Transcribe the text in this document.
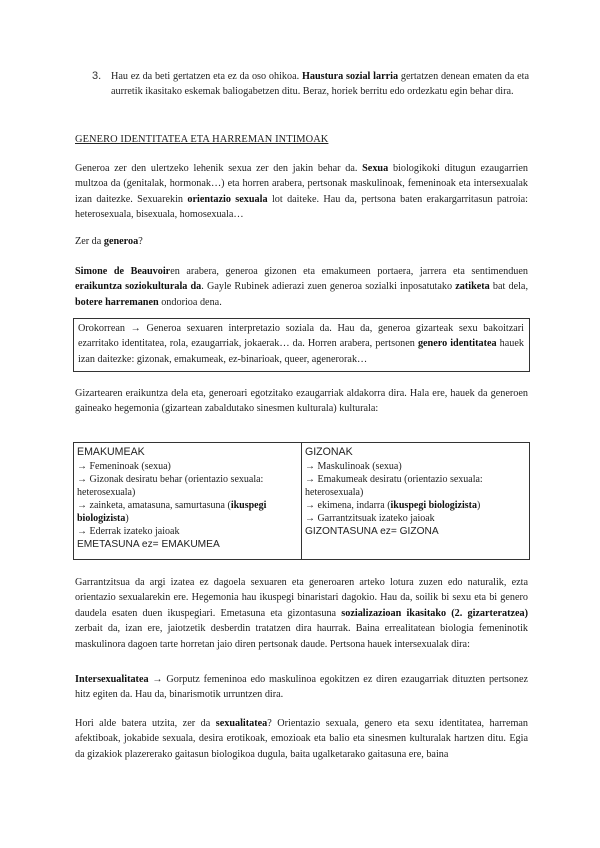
3. Hau ez da beti gertatzen eta ez da oso ohikoa. Haustura sozial larria gertatzen denean ematen da eta aurretik ikasitako eskemak baliogabetzen ditu. Beraz, horiek berritu edo ordezkatu egin behar dira.

GENERO IDENTITATEA ETA HARREMAN INTIMOAK

Generoa zer den ulertzeko lehenik sexua zer den jakin behar da. Sexua biologikoki ditugun ezaugarrien multzoa da (genitalak, hormonak…) eta horren arabera, pertsonak maskulinoak, femeninoak eta intersexualak izan daitezke. Sexuarekin orientazio sexuala lot daiteke. Hau da, pertsona baten erakargarritasun patroia: heterosexuala, bisexuala, homosexuala…

Zer da generoa?

Simone de Beauvoiren arabera, generoa gizonen eta emakumeen portaera, jarrera eta sentimenduen eraikuntza soziokulturala da. Gayle Rubinek adierazi zuen generoa sozialki inposatutako zatiketa bat dela, botere harremanen ondorioa dena.

Orokorrean → Generoa sexuaren interpretazio soziala da. Hau da, generoa gizarteak sexu bakoitzari ezarritako identitatea, rola, ezaugarriak, jokaerak… da. Horren arabera, pertsonen genero identitatea hauek izan daitezke: gizonak, emakumeak, ez-binarioak, queer, agenerorak…

Gizartearen eraikuntza dela eta, generoari egotzitako ezaugarriak aldakorra dira. Hala ere, hauek da generoen gaineako hegemonia (gizartean zabaldutako sinesmen kulturala) kulturala:

EMAKUMEAK
→ Femeninoak (sexua)
→ Gizonak desiratu behar (orientazio sexuala: heterosexuala)
→ zainketa, amatasuna, samurtasuna (ikuspegi biologizista)
→ Ederrak izateko jaioak
EMETASUNA ez= EMAKUMEA
GIZONAK
→ Maskulinoak (sexua)
→ Emakumeak desiratu (orientazio sexuala: heterosexuala)
→ ekimena, indarra (ikuspegi biologizista)
→ Garrantzitsuak izateko jaioak
GIZONTASUNA ez= GIZONA

Garrantzitsua da argi izatea ez dagoela sexuaren eta generoaren arteko lotura zuzen edo naturalik, ezta orientazio sexualarekin ere. Hegemonia hau ikuspegi binaristari dagokio. Hau da, soilik bi sexu eta bi genero daudela esaten duen ikuspegiari. Emetasuna eta gizontasuna sozializazioan ikasitako (2. gizarteratzea) zerbait da, izan ere, jaiotzetik desberdin tratatzen dira haurrak. Baina errealitatean biologia femeninotik maskulinora dagoen tarte horretan jaio diren pertsonak daude. Pertsona hauek intersexualak dira:

Intersexualitatea → Gorputz femeninoa edo maskulinoa egokitzen ez diren ezaugarriak dituzten pertsonez hitz egiten da. Hau da, binarismotik urruntzen dira.

Hori alde batera utzita, zer da sexualitatea? Orientazio sexuala, genero eta sexu identitatea, harreman afektiboak, jokabide sexuala, desira erotikoak, emozioak eta balio eta sinesmen kulturalak hartzen ditu. Egia da gizakiok plazererako gaitasun biologikoa dugula, baita ugalketarako gaitasuna ere, baina
